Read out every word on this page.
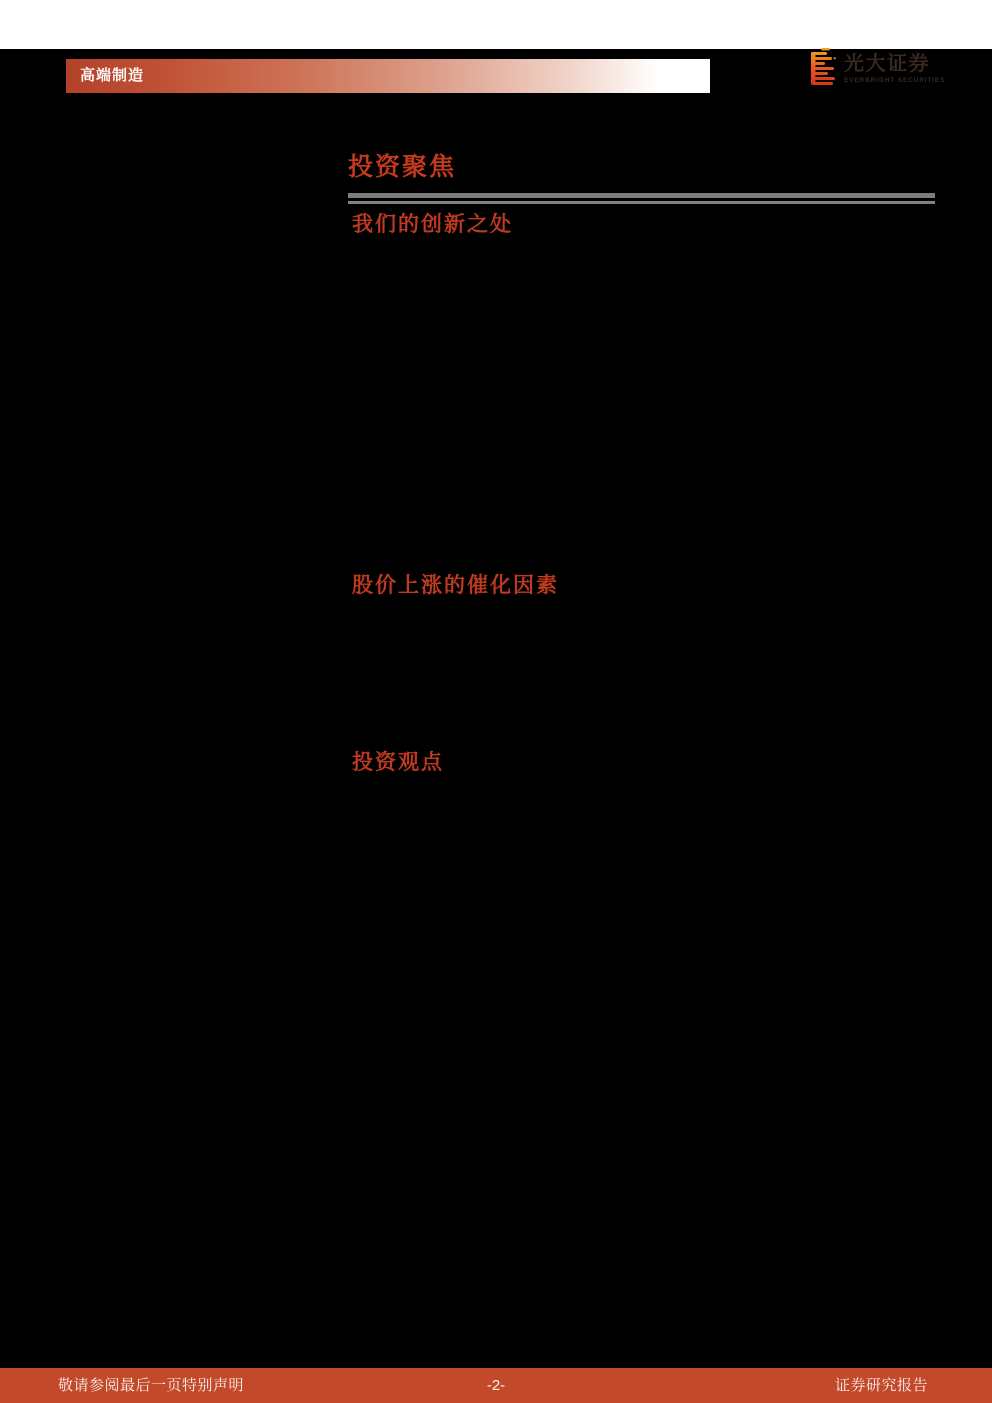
高端制造
光大证券
EVERBRIGHT SECURITIES
投资聚焦
我们的创新之处
股价上涨的催化因素
投资观点
敬请参阅最后一页特别声明	-2-	证券研究报告
